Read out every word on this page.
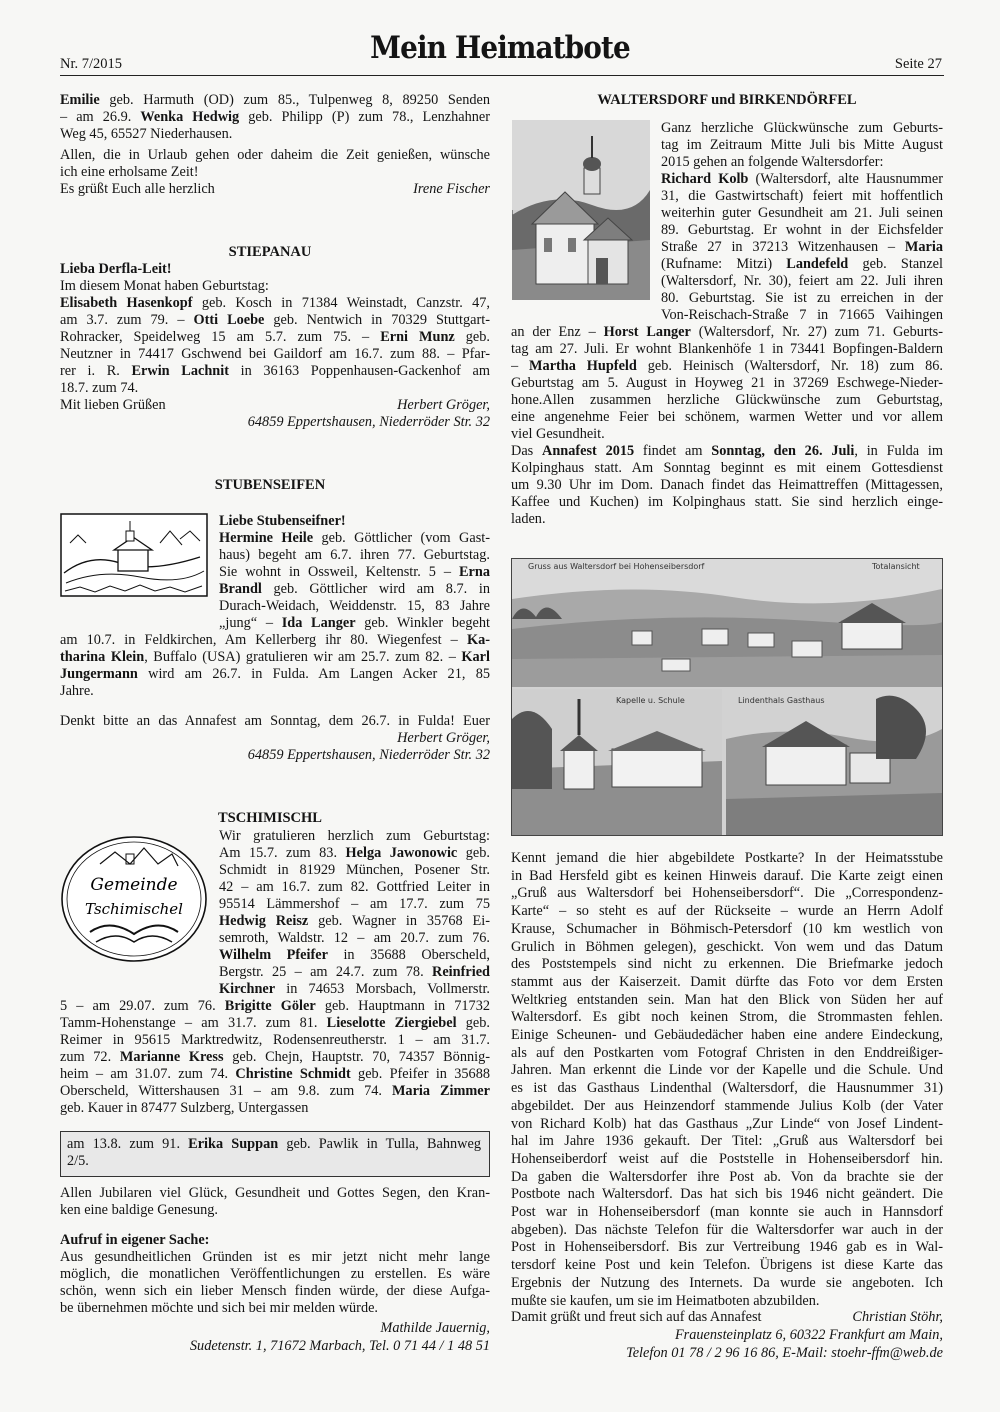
Nr. 7/2015	Mein Heimatbote	Seite 27
Emilie geb. Harmuth (OD) zum 85., Tulpenweg 8, 89250 Senden
– am 26.9. Wenka Hedwig geb. Philipp (P) zum 78., Lenzhahner
Weg 45, 65527 Niederhausen.
Allen, die in Urlaub gehen oder daheim die Zeit genießen, wünsche
ich eine erholsame Zeit!
Es grüßt Euch alle herzlich	Irene Fischer
STIEPANAU
Lieba Derfla-Leit!
Im diesem Monat haben Geburtstag:
Elisabeth Hasenkopf geb. Kosch in 71384 Weinstadt, Canzstr. 47,
am 3.7. zum 79. – Otti Loebe geb. Nentwich in 70329 Stuttgart-
Rohracker, Speidelweg 15 am 5.7. zum 75. – Erni Munz geb.
Neutzner in 74417 Gschwend bei Gaildorf am 16.7. zum 88. – Pfar-
rer i. R. Erwin Lachnit in 36163 Poppenhausen-Gackenhof am
18.7. zum 74.
Mit lieben Grüßen	Herbert Gröger,
64859 Eppertshausen, Niederröder Str. 32
STUBENSEIFEN
Liebe Stubenseifner!
Hermine Heile geb. Göttlicher (vom Gast-
haus) begeht am 6.7. ihren 77. Geburtstag.
Sie wohnt in Ossweil, Keltenstr. 5 – Erna
Brandl geb. Göttlicher wird am 8.7. in
Durach-Weidach, Weiddenstr. 15, 83 Jahre
„jung“ – Ida Langer geb. Winkler begeht
am 10.7. in Feldkirchen, Am Kellerberg ihr 80. Wiegenfest – Ka-
tharina Klein, Buffalo (USA) gratulieren wir am 25.7. zum 82. – Karl
Jungermann wird am 26.7. in Fulda. Am Langen Acker 21, 85
Jahre.
Denkt bitte an das Annafest am Sonntag, dem 26.7. in Fulda! Euer
Herbert Gröger,
64859 Eppertshausen, Niederröder Str. 32
TSCHIMISCHL
Gemeinde
Tschimischel
Wir gratulieren herzlich zum Geburtstag:
Am 15.7. zum 83. Helga Jawonowic geb.
Schmidt in 81929 München, Posener Str.
42 – am 16.7. zum 82. Gottfried Leiter in
95514 Lämmershof – am 17.7. zum 75
Hedwig Reisz geb. Wagner in 35768 Ei-
semroth, Waldstr. 12 – am 20.7. zum 76.
Wilhelm Pfeifer in 35688 Oberscheld,
Bergstr. 25 – am 24.7. zum 78. Reinfried
Kirchner in 74653 Morsbach, Vollmerstr.
5 – am 29.07. zum 76. Brigitte Göler geb. Hauptmann in 71732
Tamm-Hohenstange – am 31.7. zum 81. Lieselotte Ziergiebel geb.
Reimer in 95615 Marktredwitz, Rodensenreutherstr. 1 – am 31.7.
zum 72. Marianne Kress geb. Chejn, Hauptstr. 70, 74357 Bönnig-
heim – am 31.07. zum 74. Christine Schmidt geb. Pfeifer in 35688
Oberscheld, Wittershausen 31 – am 9.8. zum 74. Maria Zimmer
geb. Kauer in 87477 Sulzberg, Untergassen
am 13.8. zum 91. Erika Suppan geb. Pawlik in Tulla, Bahnweg
2/5.
Allen Jubilaren viel Glück, Gesundheit und Gottes Segen, den Kran-
ken eine baldige Genesung.
Aufruf in eigener Sache:
Aus gesundheitlichen Gründen ist es mir jetzt nicht mehr lange
möglich, die monatlichen Veröffentlichungen zu erstellen. Es wäre
schön, wenn sich ein lieber Mensch finden würde, der diese Aufga-
be übernehmen möchte und sich bei mir melden würde.
Mathilde Jauernig,
Sudetenstr. 1, 71672 Marbach, Tel. 0 71 44 / 1 48 51
WALTERSDORF und BIRKENDÖRFEL
Ganz herzliche Glückwünsche zum Geburts-
tag im Zeitraum Mitte Juli bis Mitte August
2015 gehen an folgende Waltersdorfer:
Richard Kolb (Waltersdorf, alte Hausnummer
31, die Gastwirtschaft) feiert mit hoffentlich
weiterhin guter Gesundheit am 21. Juli seinen
89. Geburtstag. Er wohnt in der Eichsfelder
Straße 27 in 37213 Witzenhausen – Maria
(Rufname: Mitzi) Landefeld geb. Stanzel
(Waltersdorf, Nr. 30), feiert am 22. Juli ihren
80. Geburtstag. Sie ist zu erreichen in der
Von-Reischach-Straße 7 in 71665 Vaihingen
an der Enz – Horst Langer (Waltersdorf, Nr. 27) zum 71. Geburts-
tag am 27. Juli. Er wohnt Blankenhöfe 1 in 73441 Bopfingen-Baldern
– Martha Hupfeld geb. Heinisch (Waltersdorf, Nr. 18) zum 86.
Geburtstag am 5. August in Hoyweg 21 in 37269 Eschwege-Nieder-
hone.Allen zusammen herzliche Glückwünsche zum Geburtstag,
eine angenehme Feier bei schönem, warmen Wetter und vor allem
viel Gesundheit.
Das Annafest 2015 findet am Sonntag, den 26. Juli, in Fulda im
Kolpinghaus statt. Am Sonntag beginnt es mit einem Gottesdienst
um 9.30 Uhr im Dom. Danach findet das Heimattreffen (Mittagessen,
Kaffee und Kuchen) im Kolpinghaus statt. Sie sind herzlich einge-
laden.
Gruss aus Waltersdorf bei Hohenseibersdorf	Totalansicht
Kapelle u. Schule	Lindenthals Gasthaus
Kennt jemand die hier abgebildete Postkarte? In der Heimatsstube
in Bad Hersfeld gibt es keinen Hinweis darauf. Die Karte zeigt einen
„Gruß aus Waltersdorf bei Hohenseibersdorf“. Die „Correspondenz-
Karte“ – so steht es auf der Rückseite – wurde an Herrn Adolf
Krause, Schumacher in Böhmisch-Petersdorf (10 km westlich von
Grulich in Böhmen gelegen), geschickt. Von wem und das Datum
des Poststempels sind nicht zu erkennen. Die Briefmarke jedoch
stammt aus der Kaiserzeit. Damit dürfte das Foto vor dem Ersten
Weltkrieg entstanden sein. Man hat den Blick von Süden her auf
Waltersdorf. Es gibt noch keinen Strom, die Strommasten fehlen.
Einige Scheunen- und Gebäudedächer haben eine andere Eindeckung,
als auf den Postkarten vom Fotograf Christen in den Enddreißiger-
Jahren. Man erkennt die Linde vor der Kapelle und die Schule. Und
es ist das Gasthaus Lindenthal (Waltersdorf, die Hausnummer 31)
abgebildet. Der aus Heinzendorf stammende Julius Kolb (der Vater
von Richard Kolb) hat das Gasthaus „Zur Linde“ von Josef Lindent-
hal im Jahre 1936 gekauft. Der Titel: „Gruß aus Waltersdorf bei
Hohenseiberdorf weist auf die Poststelle in Hohenseibersdorf hin.
Da gaben die Waltersdorfer ihre Post ab. Von da brachte sie der
Postbote nach Waltersdorf. Das hat sich bis 1946 nicht geändert. Die
Post war in Hohenseibersdorf (man konnte sie auch in Hannsdorf
abgeben). Das nächste Telefon für die Waltersdorfer war auch in der
Post in Hohenseibersdorf. Bis zur Vertreibung 1946 gab es in Wal-
tersdorf keine Post und kein Telefon. Übrigens ist diese Karte das
Ergebnis der Nutzung des Internets. Da wurde sie angeboten. Ich
mußte sie kaufen, um sie im Heimatboten abzubilden.
Damit grüßt und freut sich auf das Annafest	Christian Stöhr,
Frauensteinplatz 6, 60322 Frankfurt am Main,
Telefon 01 78 / 2 96 16 86, E-Mail: stoehr-ffm@web.de
